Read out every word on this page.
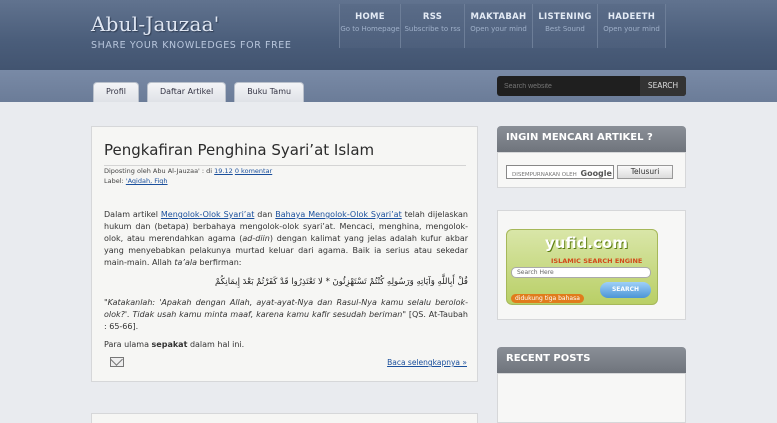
Abul-Jauzaa'
SHARE YOUR KNOWLEDGES FOR FREE
HOME
Go to Homepage
RSS
Subscribe to rss
MAKTABAH
Open your mind
LISTENING
Best Sound
HADEETH
Open your mind
Profil	Daftar Artikel	Buku Tamu
Search website
SEARCH
Pengkafiran Penghina Syari’at Islam
Diposting oleh Abu Al-Jauzaa' : di 19.12 0 komentar
Label: 'Aqidah, Fiqh
Dalam artikel Mengolok-Olok Syari’at dan Bahaya Mengolok-Olok Syari’at telah dijelaskan hukum dan (betapa) berbahaya mengolok-olok syari’at. Mencaci, menghina, mengolok-olok, atau merendahkan agama (ad-diin) dengan kalimat yang jelas adalah kufur akbar yang menyebabkan pelakunya murtad keluar dari agama. Baik ia serius atau sekedar main-main. Allah ta’ala berfirman:
قُلْ أَبِاللَّهِ وَآيَاتِهِ وَرَسُولِهِ كُنْتُمْ تَسْتَهْزِئُونَ * لا تَعْتَذِرُوا قَدْ كَفَرْتُمْ بَعْدَ إِيمَانِكُمْ
"Katakanlah: 'Apakah dengan Allah, ayat-ayat-Nya dan Rasul-Nya kamu selalu berolok-olok?'. Tidak usah kamu minta maaf, karena kamu kafir sesudah beriman" [QS. At-Taubah : 65-66].
Para ulama sepakat dalam hal ini.
Baca selengkapnya »
INGIN MENCARI ARTIKEL ?
DISEMPURNAKAN OLEH Google	Telusuri
yufid.com
ISLAMIC SEARCH ENGINE
Search Here
SEARCH
didukung tiga bahasa
RECENT POSTS
